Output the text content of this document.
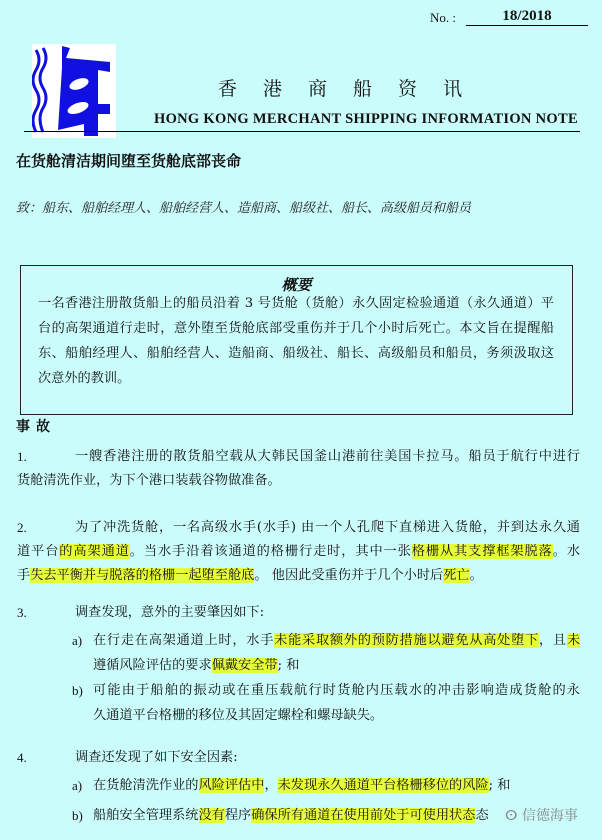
No. :	18/2018
香港商船资讯
HONG KONG MERCHANT SHIPPING INFORMATION NOTE
在货舱清洁期间堕至货舱底部丧命
致：船东、船舶经理人、船舶经营人、造船商、船级社、船长、高级船员和船员
概要
一名香港注册散货船上的船员沿着 3 号货舱（货舱）永久固定检验通道（永久通道）平
台的高架通道行走时，意外堕至货舱底部受重伤并于几个小时后死亡。本文旨在提醒船
东、船舶经理人、船舶经营人、造船商、船级社、船长、高级船员和船员，务须汲取这
次意外的教训。
事故
1.	一艘香港注册的散货船空载从大韩民国釜山港前往美国卡拉马。船员于航行中进行
货舱清洗作业，为下个港口装载谷物做准备。
2.	为了冲洗货舱，一名高级水手(水手) 由一个人孔爬下直梯进入货舱，并到达永久通
道平台的高架通道。当水手沿着该通道的格栅行走时，其中一张格栅从其支撑框架脱落。水
手失去平衡并与脱落的格栅一起堕至舱底。 他因此受重伤并于几个小时后死亡。
3.	调查发现，意外的主要肇因如下:
a) 在行走在高架通道上时，水手未能采取额外的预防措施以避免从高处堕下，且未
遵循风险评估的要求佩戴安全带; 和
b) 可能由于船舶的振动或在重压载航行时货舱内压载水的冲击影响造成货舱的永
久通道平台格栅的移位及其固定螺栓和螺母缺失。
4.	调查还发现了如下安全因素:
a) 在货舱清洗作业的风险评估中，未发现永久通道平台格栅移位的风险; 和
b) 船舶安全管理系统没有程序确保所有通道在使用前处于可使用状态态 ⵙ 信德海事
